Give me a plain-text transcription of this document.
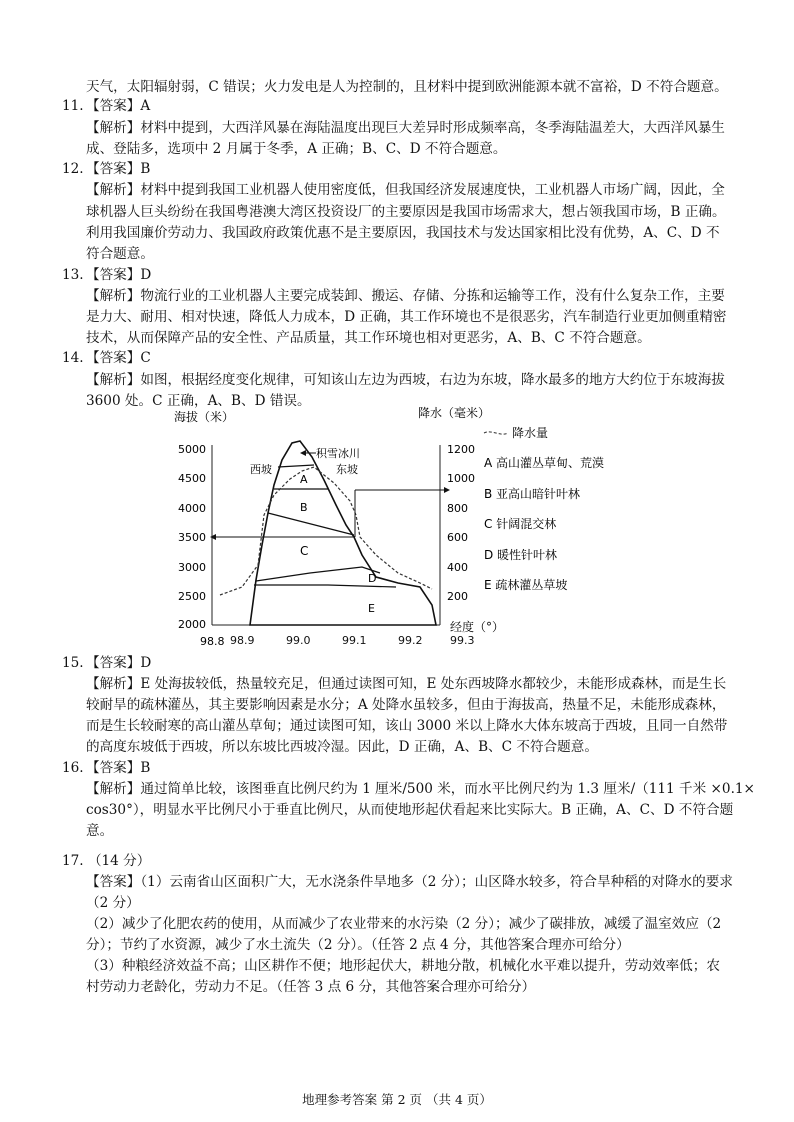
天气，太阳辐射弱，C 错误；火力发电是人为控制的，且材料中提到欧洲能源本就不富裕，D 不符合题意。
11. 【答案】A
【解析】材料中提到，大西洋风暴在海陆温度出现巨大差异时形成频率高，冬季海陆温差大，大西洋风暴生
成、登陆多，选项中 2 月属于冬季，A 正确；B、C、D 不符合题意。
12. 【答案】B
【解析】材料中提到我国工业机器人使用密度低，但我国经济发展速度快，工业机器人市场广阔，因此，全
球机器人巨头纷纷在我国粤港澳大湾区投资设厂的主要原因是我国市场需求大，想占领我国市场，B 正确。
利用我国廉价劳动力、我国政府政策优惠不是主要原因，我国技术与发达国家相比没有优势，A、C、D 不
符合题意。
13. 【答案】D
【解析】物流行业的工业机器人主要完成装卸、搬运、存储、分拣和运输等工作，没有什么复杂工作，主要
是力大、耐用、相对快速，降低人力成本，D 正确，其工作环境也不是很恶劣，汽车制造行业更加侧重精密
技术，从而保障产品的安全性、产品质量，其工作环境也相对更恶劣，A、B、C 不符合题意。
14. 【答案】C
【解析】如图，根据经度变化规律，可知该山左边为西坡，右边为东坡，降水最多的地方大约位于东坡海拔
3600 处。C 正确，A、B、D 错误。
海拔（米）	降水（毫米）
经度（°）
5000
4500
4000
3500
3000
2500
2000
1200
1000
800
600
400
200
98.8
积雪冰川
西坡	东坡
A
B
C
D
E
降水量
A 高山灌丛草甸、荒漠
B 亚高山暗针叶林
C 针阔混交林
D 暖性针叶林
E 疏林灌丛草坡
98.9	99.0	99.1	99.2	99.3
15. 【答案】D
【解析】E 处海拔较低，热量较充足，但通过读图可知，E 处东西坡降水都较少，未能形成森林，而是生长
较耐旱的疏林灌丛，其主要影响因素是水分；A 处降水虽较多，但由于海拔高，热量不足，未能形成森林，
而是生长较耐寒的高山灌丛草甸；通过读图可知，该山 3000 米以上降水大体东坡高于西坡，且同一自然带
的高度东坡低于西坡，所以东坡比西坡冷湿。因此，D 正确，A、B、C 不符合题意。
16. 【答案】B
【解析】通过简单比较，该图垂直比例尺约为 1 厘米/500 米，而水平比例尺约为 1.3 厘米/（111 千米 ×0.1×
cos30°），明显水平比例尺小于垂直比例尺，从而使地形起伏看起来比实际大。B 正确，A、C、D 不符合题
意。
17. （14 分）
【答案】（1）云南省山区面积广大，无水浇条件旱地多（2 分）；山区降水较多，符合旱种稻的对降水的要求
（2 分）
（2）减少了化肥农药的使用，从而减少了农业带来的水污染（2 分）；减少了碳排放，减缓了温室效应（2
分）；节约了水资源，减少了水土流失（2 分）。（任答 2 点 4 分，其他答案合理亦可给分）
（3）种粮经济效益不高；山区耕作不便；地形起伏大，耕地分散，机械化水平难以提升，劳动效率低；农
村劳动力老龄化，劳动力不足。（任答 3 点 6 分，其他答案合理亦可给分）
地理参考答案 第 2 页 （共 4 页）
